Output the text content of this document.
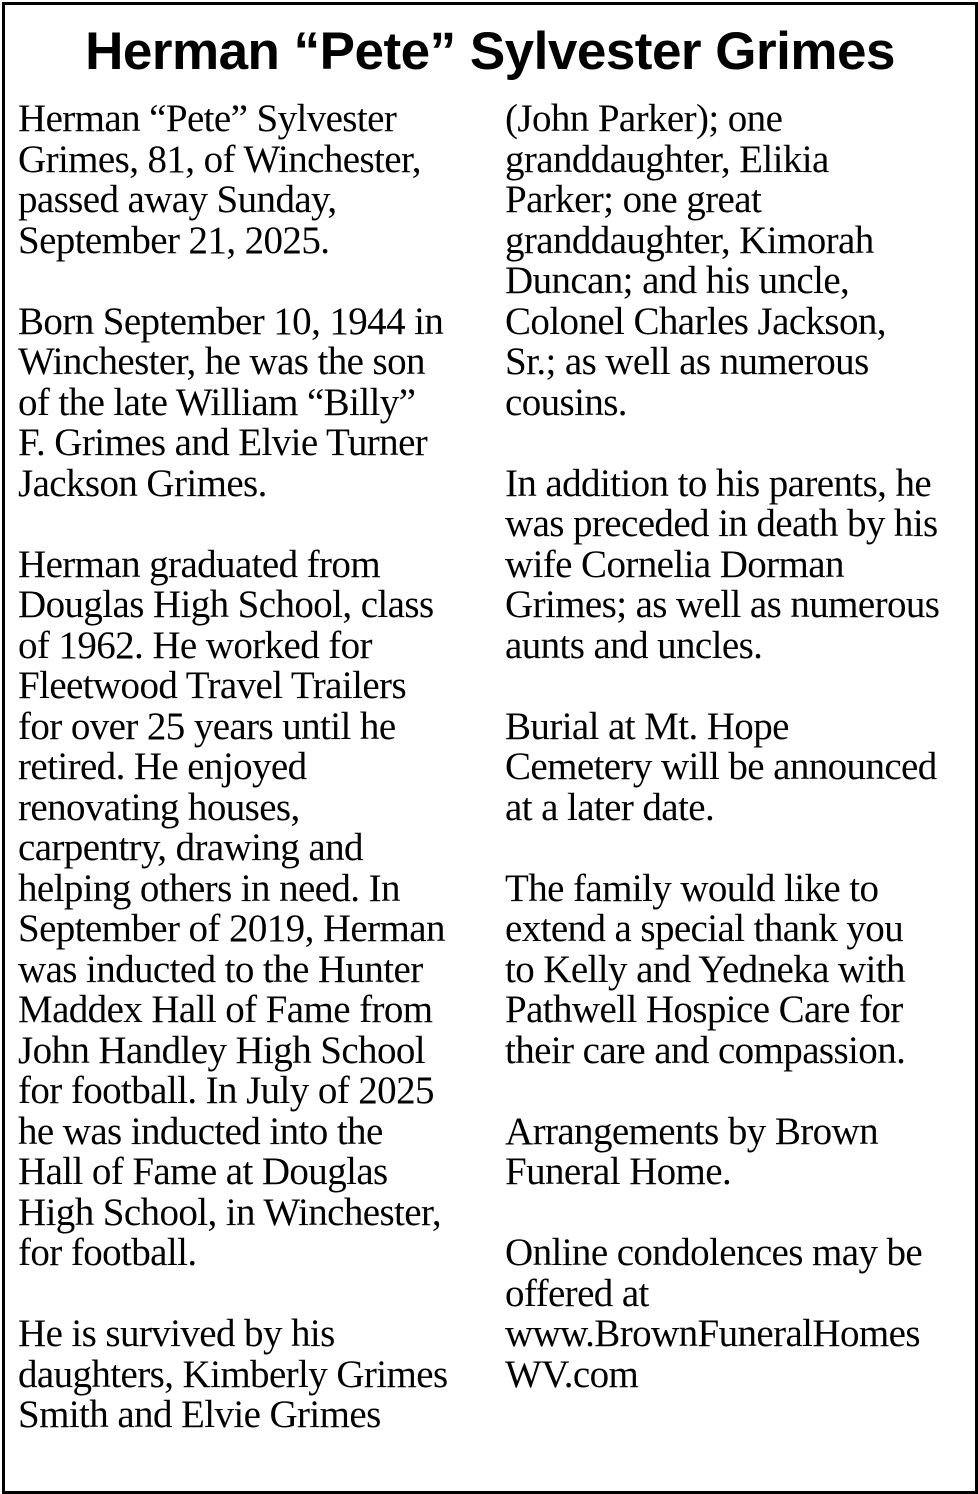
Herman “Pete” Sylvester Grimes
Herman “Pete” Sylvester
Grimes, 81, of Winchester,
passed away Sunday,
September 21, 2025.
Born September 10, 1944 in
Winchester, he was the son
of the late William “Billy”
F. Grimes and Elvie Turner
Jackson Grimes.
Herman graduated from
Douglas High School, class
of 1962. He worked for
Fleetwood Travel Trailers
for over 25 years until he
retired. He enjoyed
renovating houses,
carpentry, drawing and
helping others in need. In
September of 2019, Herman
was inducted to the Hunter
Maddex Hall of Fame from
John Handley High School
for football. In July of 2025
he was inducted into the
Hall of Fame at Douglas
High School, in Winchester,
for football.
He is survived by his
daughters, Kimberly Grimes
Smith and Elvie Grimes
(John Parker); one
granddaughter, Elikia
Parker; one great
granddaughter, Kimorah
Duncan; and his uncle,
Colonel Charles Jackson,
Sr.; as well as numerous
cousins.
In addition to his parents, he
was preceded in death by his
wife Cornelia Dorman
Grimes; as well as numerous
aunts and uncles.
Burial at Mt. Hope
Cemetery will be announced
at a later date.
The family would like to
extend a special thank you
to Kelly and Yedneka with
Pathwell Hospice Care for
their care and compassion.
Arrangements by Brown
Funeral Home.
Online condolences may be
offered at
www.BrownFuneralHomes
WV.com
